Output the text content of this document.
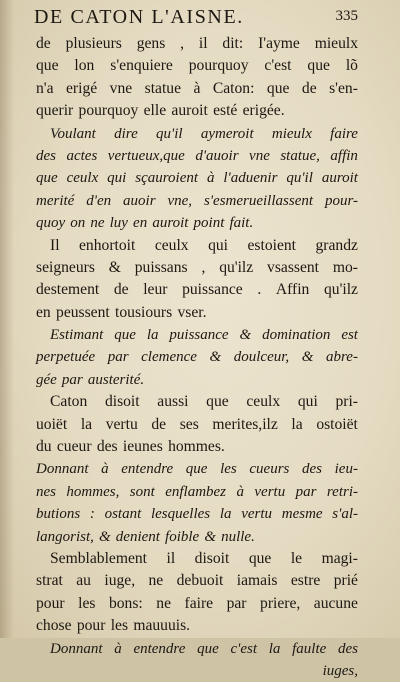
DE CATON L'AISNE.	335
de plusieurs gens , il dit: I'ayme mieulx
que lon s'enquiere pourquoy c'est que lõ
n'a erigé vne statue à Caton: que de s'en-
querir pourquoy elle auroit esté erigée.
Voulant dire qu'il aymeroit mieulx faire
des actes vertueux,que d'auoir vne statue, affin
que ceulx qui sçauroient à l'aduenir qu'il auroit
merité d'en auoir vne, s'esmerueillassent pour-
quoy on ne luy en auroit point fait.
Il enhortoit ceulx qui estoient grandz
seigneurs & puissans , qu'ilz vsassent mo-
destement de leur puissance . Affin qu'ilz
en peussent tousiours vser.
Estimant que la puissance & domination est
perpetuée par clemence & doulceur, & abre-
gée par austerité.
Caton disoit aussi que ceulx qui pri-
uoiët la vertu de ses merites,ilz la ostoiët
du cueur des ieunes hommes.
Donnant à entendre que les cueurs des ieu-
nes hommes, sont enflambez à vertu par retri-
butions : ostant lesquelles la vertu mesme s'al-
langorist, & denient foible & nulle.
Semblablement il disoit que le magi-
strat au iuge, ne debuoit iamais estre prié
pour les bons: ne faire par priere, aucune
chose pour les mauuuis.
Donnant à entendre que c'est la faulte des
iuges,
